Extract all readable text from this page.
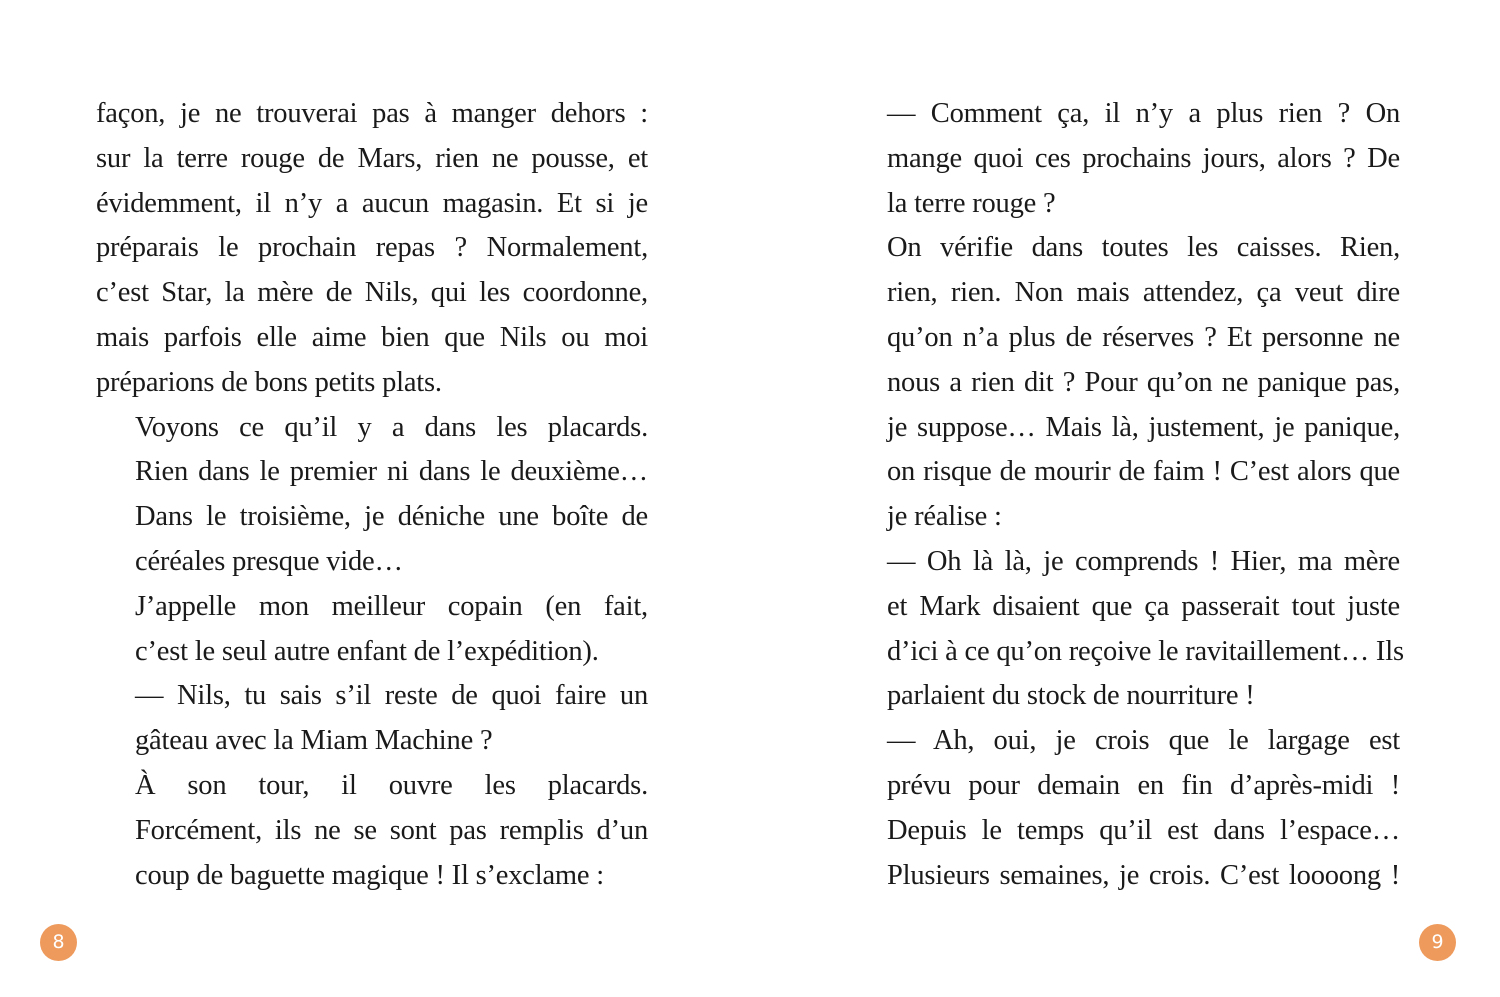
façon, je ne trouverai pas à manger dehors :
sur la terre rouge de Mars, rien ne pousse, et
évidemment, il n’y a aucun magasin. Et si je
préparais le prochain repas ? Normalement,
c’est Star, la mère de Nils, qui les coordonne,
mais parfois elle aime bien que Nils ou moi
préparions de bons petits plats.

Voyons ce qu’il y a dans les placards.
Rien dans le premier ni dans le deuxième…
Dans le troisième, je déniche une boîte de
céréales presque vide…

J’appelle mon meilleur copain (en fait,
c’est le seul autre enfant de l’expédition).

— Nils, tu sais s’il reste de quoi faire un
gâteau avec la Miam Machine ?

À son tour, il ouvre les placards.
Forcément, ils ne se sont pas remplis d’un
coup de baguette magique ! Il s’exclame :

— Comment ça, il n’y a plus rien ? On
mange quoi ces prochains jours, alors ? De
la terre rouge ?

On vérifie dans toutes les caisses. Rien,
rien, rien. Non mais attendez, ça veut dire
qu’on n’a plus de réserves ? Et personne ne
nous a rien dit ? Pour qu’on ne panique pas,
je suppose… Mais là, justement, je panique,
on risque de mourir de faim ! C’est alors que
je réalise :

— Oh là là, je comprends ! Hier, ma mère
et Mark disaient que ça passerait tout juste
d’ici à ce qu’on reçoive le ravitaillement… Ils
parlaient du stock de nourriture !

— Ah, oui, je crois que le largage est
prévu pour demain en fin d’après-midi !
Depuis le temps qu’il est dans l’espace…
Plusieurs semaines, je crois. C’est loooong !

8	9
